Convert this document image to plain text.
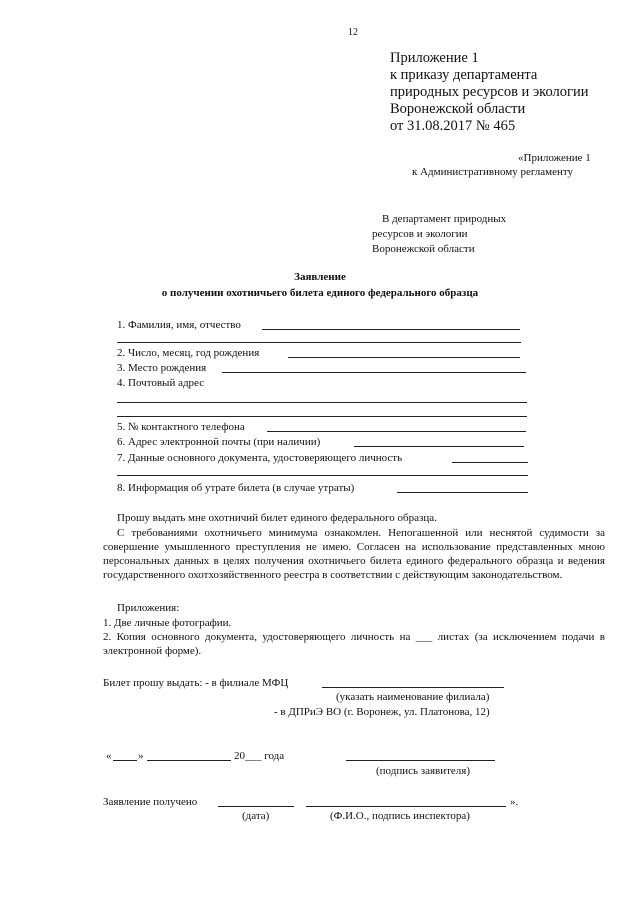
12
Приложение 1
к приказу департамента
природных ресурсов и экологии
Воронежской области
от 31.08.2017 № 465
«Приложение 1
к Административному регламенту
В департамент природных
ресурсов и экологии
Воронежской области
Заявление
о получении охотничьего билета единого федерального образца
1. Фамилия, имя, отчество
2. Число, месяц, год рождения
3. Место рождения
4. Почтовый адрес
5. № контактного телефона
6. Адрес электронной почты (при наличии)
7. Данные основного документа, удостоверяющего личность
8. Информация об утрате билета (в случае утраты)
Прошу выдать мне охотничий билет единого федерального образца.
С требованиями охотничьего минимума ознакомлен. Непогашенной или неснятой судимости за совершение умышленного преступления не имею. Согласен на использование представленных мною персональных данных в целях получения охотничьего билета единого федерального образца и ведения государственного охотхозяйственного реестра в соответствии с действующим законодательством.
Приложения:
1. Две личные фотографии.
2. Копия основного документа, удостоверяющего личность на ___ листах (за исключением подачи в электронной форме).
Билет прошу выдать: - в филиале МФЦ
(указать наименование филиала)
- в ДПРиЭ ВО (г. Воронеж, ул. Платонова, 12)
« »	20___ года
(подпись заявителя)
Заявление получено	».
(дата)	(Ф.И.О., подпись инспектора)
